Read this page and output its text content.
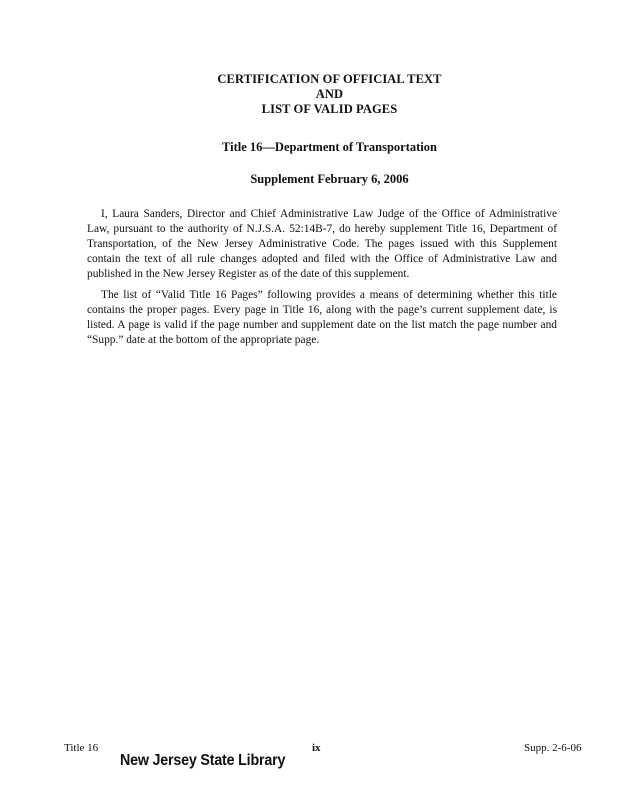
CERTIFICATION OF OFFICIAL TEXT
AND
LIST OF VALID PAGES
Title 16—Department of Transportation
Supplement February 6, 2006

I, Laura Sanders, Director and Chief Administrative Law Judge of the Office of Administrative Law, pursuant to the authority of N.J.S.A. 52:14B-7, do hereby supplement Title 16, Department of Transportation, of the New Jersey Administrative Code. The pages issued with this Supplement contain the text of all rule changes adopted and filed with the Office of Administrative Law and published in the New Jersey Register as of the date of this supplement.

The list of “Valid Title 16 Pages” following provides a means of determining whether this title contains the proper pages. Every page in Title 16, along with the page’s current supplement date, is listed. A page is valid if the page number and supplement date on the list match the page number and “Supp.” date at the bottom of the appropriate page.

Title 16
New Jersey State Library
ix	Supp. 2-6-06
